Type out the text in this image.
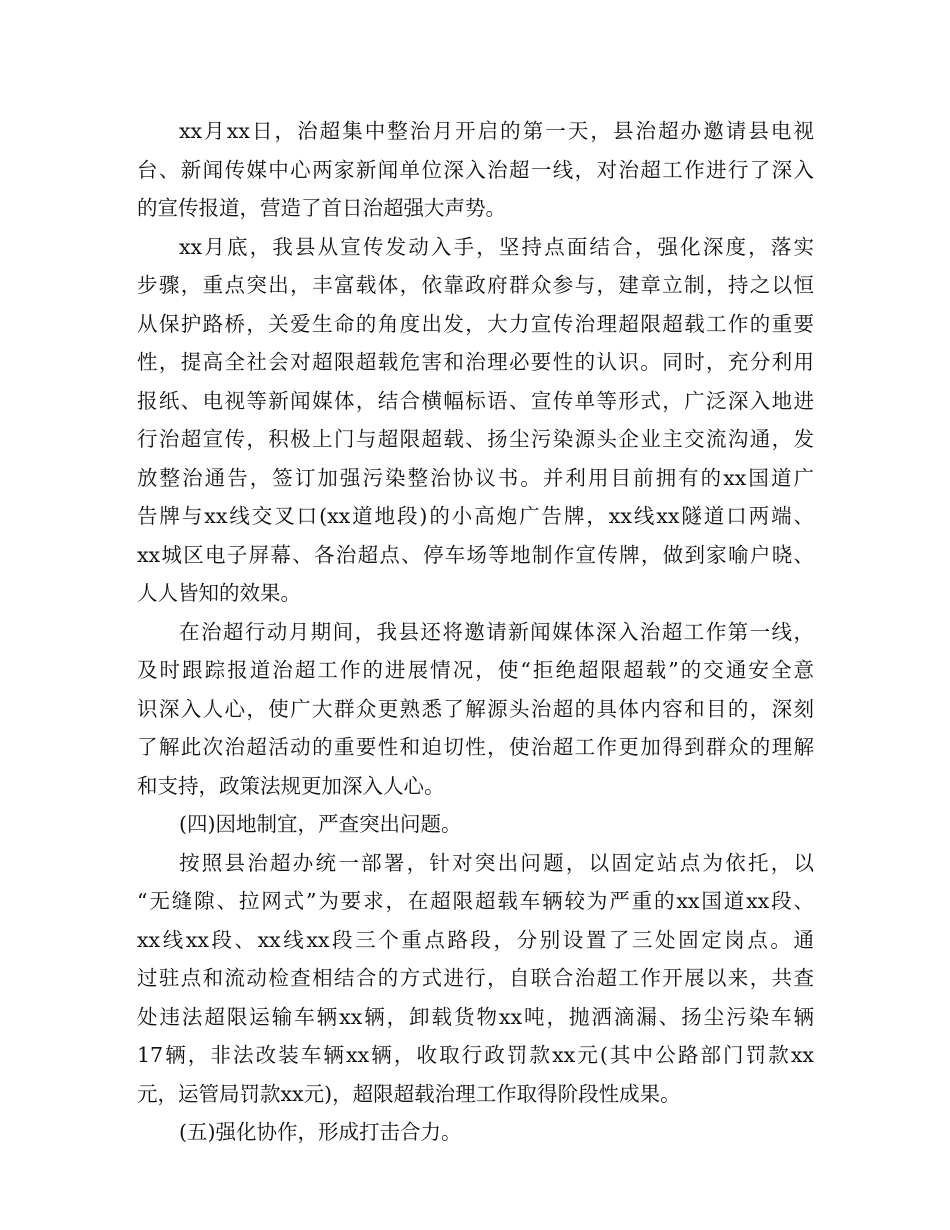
xx月xx日，治超集中整治月开启的第一天，县治超办邀请县电视
台、新闻传媒中心两家新闻单位深入治超一线，对治超工作进行了深入
的宣传报道，营造了首日治超强大声势。
xx月底，我县从宣传发动入手，坚持点面结合，强化深度，落实
步骤，重点突出，丰富载体，依靠政府群众参与，建章立制，持之以恒
从保护路桥，关爱生命的角度出发，大力宣传治理超限超载工作的重要
性，提高全社会对超限超载危害和治理必要性的认识。同时，充分利用
报纸、电视等新闻媒体，结合横幅标语、宣传单等形式，广泛深入地进
行治超宣传，积极上门与超限超载、扬尘污染源头企业主交流沟通，发
放整治通告，签订加强污染整治协议书。并利用目前拥有的xx国道广
告牌与xx线交叉口(xx道地段)的小高炮广告牌，xx线xx隧道口两端、
xx城区电子屏幕、各治超点、停车场等地制作宣传牌，做到家喻户晓、
人人皆知的效果。
在治超行动月期间，我县还将邀请新闻媒体深入治超工作第一线，
及时跟踪报道治超工作的进展情况，使“拒绝超限超载”的交通安全意
识深入人心，使广大群众更熟悉了解源头治超的具体内容和目的，深刻
了解此次治超活动的重要性和迫切性，使治超工作更加得到群众的理解
和支持，政策法规更加深入人心。
(四)因地制宜，严查突出问题。
按照县治超办统一部署，针对突出问题，以固定站点为依托，以
“无缝隙、拉网式”为要求，在超限超载车辆较为严重的xx国道xx段、
xx线xx段、xx线xx段三个重点路段，分别设置了三处固定岗点。通
过驻点和流动检查相结合的方式进行，自联合治超工作开展以来，共查
处违法超限运输车辆xx辆，卸载货物xx吨，抛洒滴漏、扬尘污染车辆
17辆，非法改装车辆xx辆，收取行政罚款xx元(其中公路部门罚款xx
元，运管局罚款xx元)，超限超载治理工作取得阶段性成果。
(五)强化协作，形成打击合力。
